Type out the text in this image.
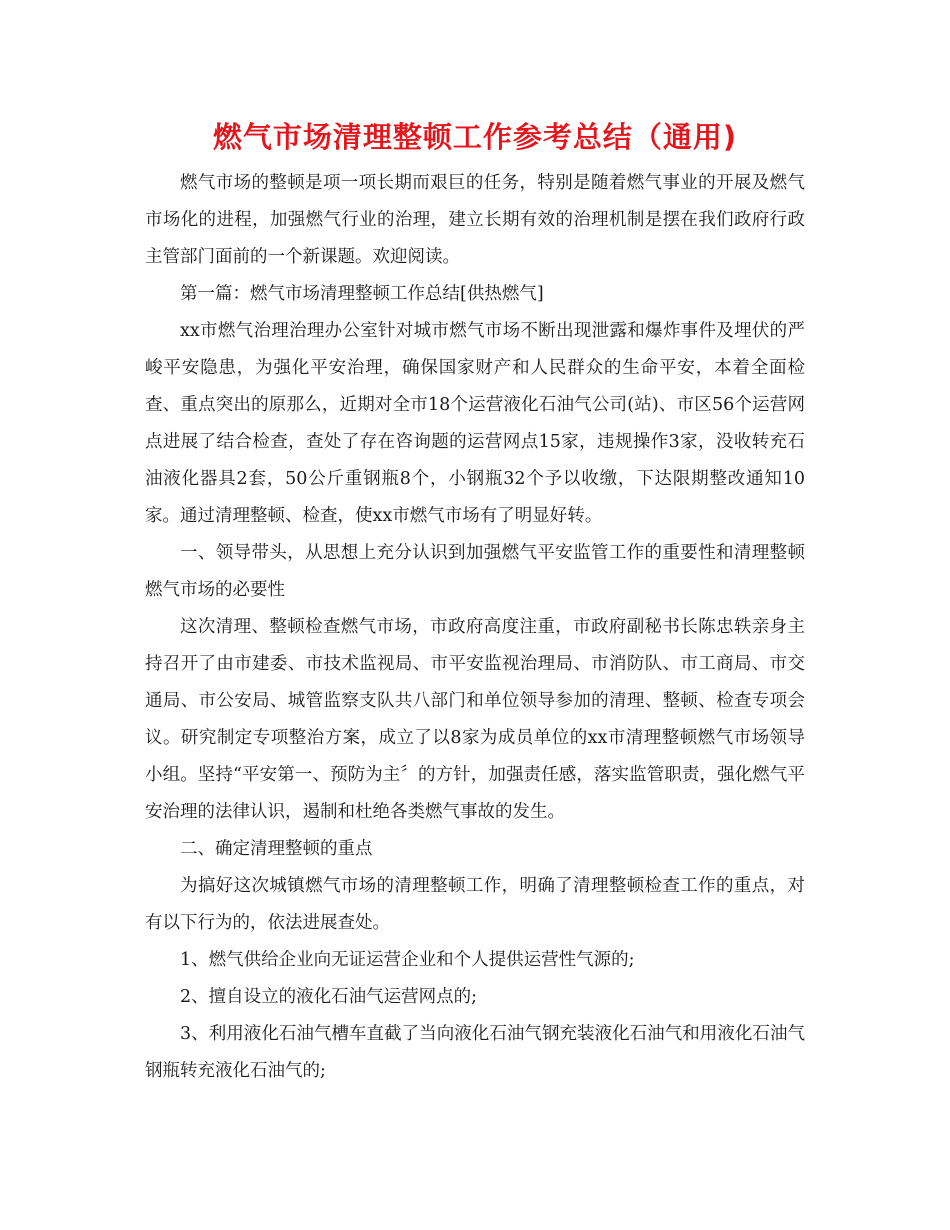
燃气市场清理整顿工作参考总结（通用)

燃气市场的整顿是项一项长期而艰巨的任务，特别是随着燃气事业的开展及燃气市场化的进程，加强燃气行业的治理，建立长期有效的治理机制是摆在我们政府行政主管部门面前的一个新课题。欢迎阅读。

第一篇：燃气市场清理整顿工作总结[供热燃气]

xx市燃气治理治理办公室针对城市燃气市场不断出现泄露和爆炸事件及埋伏的严峻平安隐患，为强化平安治理，确保国家财产和人民群众的生命平安，本着全面检查、重点突出的原那么，近期对全市18个运营液化石油气公司(站)、市区56个运营网点进展了结合检查，查处了存在咨询题的运营网点15家，违规操作3家，没收转充石油液化器具2套，50公斤重钢瓶8个，小钢瓶32个予以收缴，下达限期整改通知10家。通过清理整顿、检查，使xx市燃气市场有了明显好转。

一、领导带头，从思想上充分认识到加强燃气平安监管工作的重要性和清理整顿燃气市场的必要性

这次清理、整顿检查燃气市场，市政府高度注重，市政府副秘书长陈忠轶亲身主持召开了由市建委、市技术监视局、市平安监视治理局、市消防队、市工商局、市交通局、市公安局、城管监察支队共八部门和单位领导参加的清理、整顿、检查专项会议。研究制定专项整治方案，成立了以8家为成员单位的xx市清理整顿燃气市场领导小组。坚持“平安第一、预防为主〞的方针，加强责任感，落实监管职责，强化燃气平安治理的法律认识，遏制和杜绝各类燃气事故的发生。

二、确定清理整顿的重点

为搞好这次城镇燃气市场的清理整顿工作，明确了清理整顿检查工作的重点，对有以下行为的，依法进展查处。

1、燃气供给企业向无证运营企业和个人提供运营性气源的;

2、擅自设立的液化石油气运营网点的;

3、利用液化石油气槽车直截了当向液化石油气钢充装液化石油气和用液化石油气钢瓶转充液化石油气的;
